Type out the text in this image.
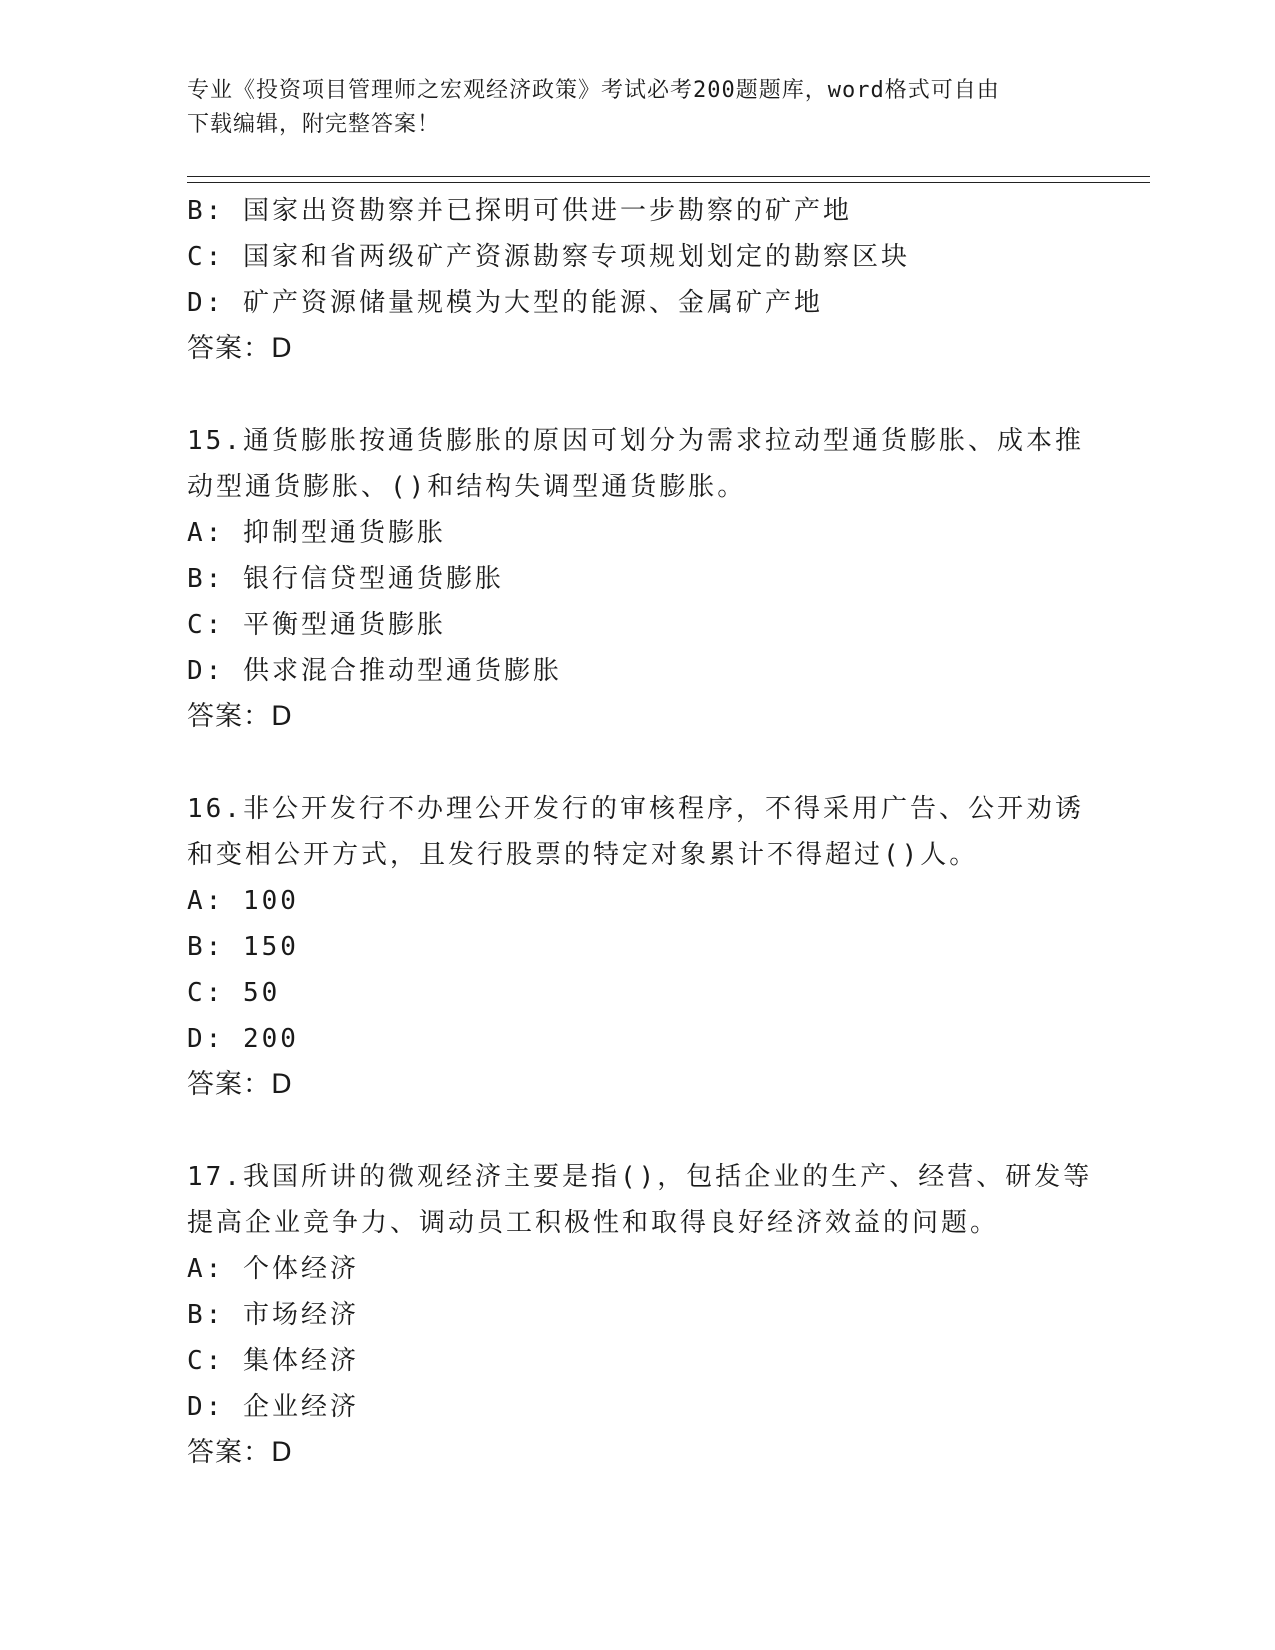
专业《投资项目管理师之宏观经济政策》考试必考200题题库，word格式可自由
下载编辑，附完整答案！
B: 国家出资勘察并已探明可供进一步勘察的矿产地
C: 国家和省两级矿产资源勘察专项规划划定的勘察区块
D: 矿产资源储量规模为大型的能源、金属矿产地
答案：D
15.通货膨胀按通货膨胀的原因可划分为需求拉动型通货膨胀、成本推
动型通货膨胀、()和结构失调型通货膨胀。
A: 抑制型通货膨胀
B: 银行信贷型通货膨胀
C: 平衡型通货膨胀
D: 供求混合推动型通货膨胀
答案：D
16.非公开发行不办理公开发行的审核程序，不得采用广告、公开劝诱
和变相公开方式，且发行股票的特定对象累计不得超过()人。
A: 100
B: 150
C: 50
D: 200
答案：D
17.我国所讲的微观经济主要是指()，包括企业的生产、经营、研发等
提高企业竞争力、调动员工积极性和取得良好经济效益的问题。
A: 个体经济
B: 市场经济
C: 集体经济
D: 企业经济
答案：D
